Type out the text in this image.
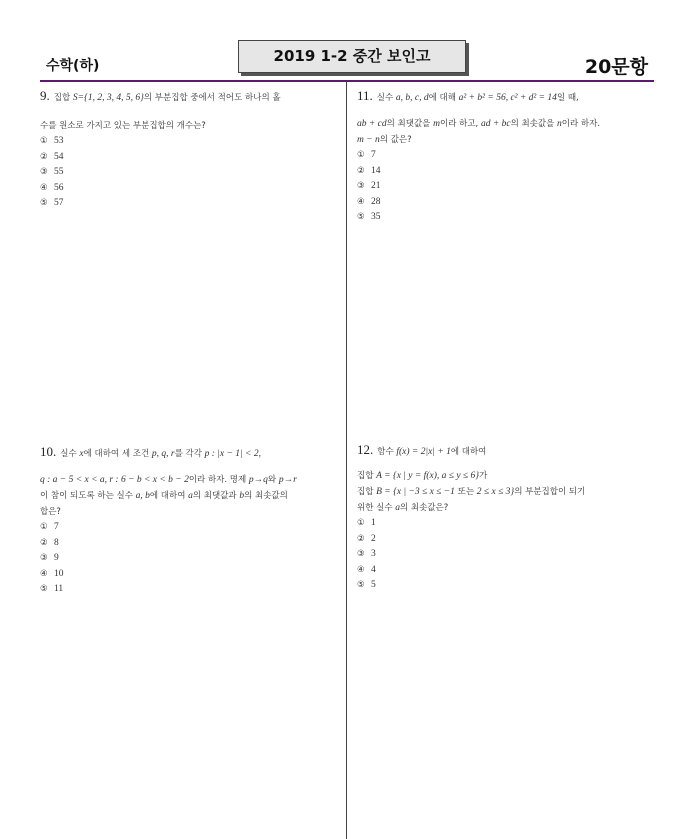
수학(하)
2019 1-2 중간 보인고	20문항
9. 집합 S={1, 2, 3, 4, 5, 6}의 부분집합 중에서 적어도 하나의 홀
수를 원소로 가지고 있는 부분집합의 개수는?
① 53
② 54
③ 55
④ 56
⑤ 57
11. 실수 a, b, c, d에 대해 a² + b² = 56, c² + d² = 14일 때,
ab + cd의 최댓값을 m이라 하고, ad + bc의 최솟값을 n이라 하자.
m − n의 값은?
① 7
② 14
③ 21
④ 28
⑤ 35
10. 실수 x에 대하여 세 조건 p, q, r를 각각 p : |x − 1| < 2,
q : a − 5 < x < a, r : 6 − b < x < b − 2이라 하자. 명제 p→q와 p→r
이 참이 되도록 하는 실수 a, b에 대하여 a의 최댓값과 b의 최솟값의
합은?
① 7
② 8
③ 9
④ 10
⑤ 11
12. 함수 f(x) = 2|x| + 1에 대하여
집합 A = {x | y = f(x), a ≤ y ≤ 6}가
집합 B = {x | −3 ≤ x ≤ −1 또는 2 ≤ x ≤ 3}의 부분집합이 되기
위한 실수 a의 최솟값은?
① 1
② 2
③ 3
④ 4
⑤ 5
